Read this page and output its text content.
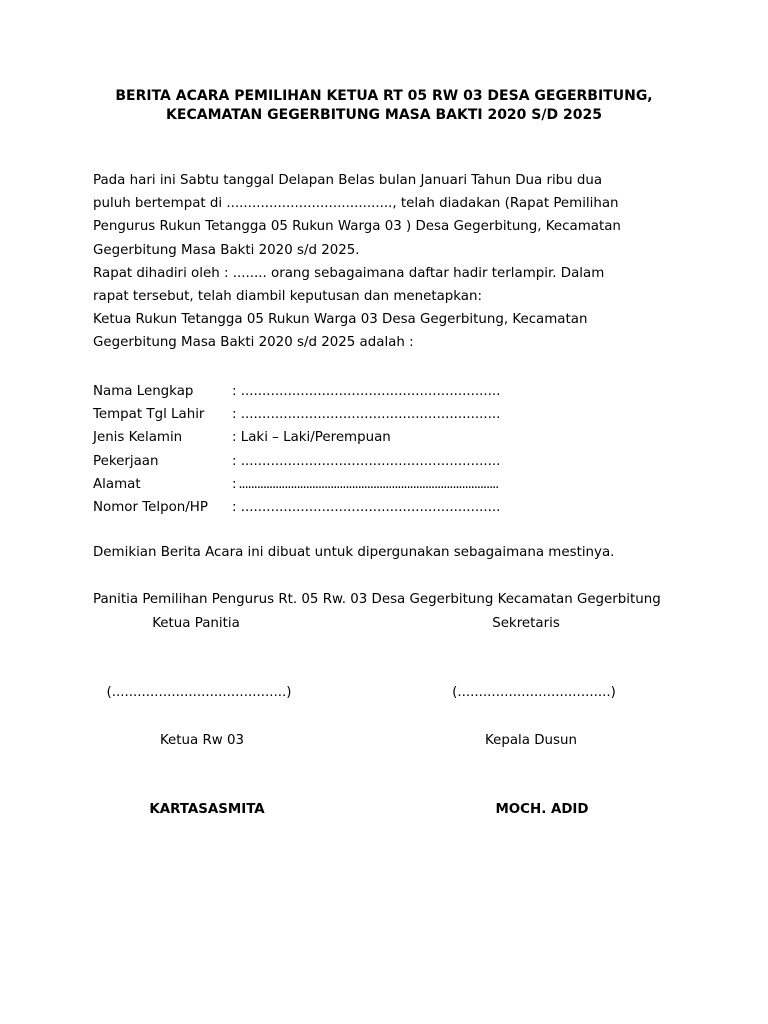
BERITA ACARA PEMILIHAN KETUA RT 05 RW 03 DESA GEGERBITUNG,
KECAMATAN GEGERBITUNG MASA BAKTI 2020 S/D 2025

Pada hari ini Sabtu tanggal Delapan Belas bulan Januari Tahun Dua ribu dua

puluh bertempat di ......................................., telah diadakan (Rapat Pemilihan

Pengurus Rukun Tetangga 05 Rukun Warga 03 ) Desa Gegerbitung, Kecamatan

Gegerbitung Masa Bakti 2020 s/d 2025.

Rapat dihadiri oleh : ........ orang sebagaimana daftar hadir terlampir. Dalam

rapat tersebut, telah diambil keputusan dan menetapkan:

Ketua Rukun Tetangga 05 Rukun Warga 03 Desa Gegerbitung, Kecamatan

Gegerbitung Masa Bakti 2020 s/d 2025 adalah :

Nama Lengkap	: .............................................................
Tempat Tgl Lahir	: .............................................................
Jenis Kelamin	: Laki – Laki/Perempuan
Pekerjaan	: .............................................................
Alamat	: .....................................................................................
Nomor Telpon/HP	: .............................................................
Demikian Berita Acara ini dibuat untuk dipergunakan sebagaimana mestinya.
Panitia Pemilihan Pengurus Rt. 05 Rw. 03 Desa Gegerbitung Kecamatan Gegerbitung
Ketua Panitia	Sekretaris
(.........................................)	(....................................)
Ketua Rw 03	Kepala Dusun
KARTASASMITA	MOCH. ADID
